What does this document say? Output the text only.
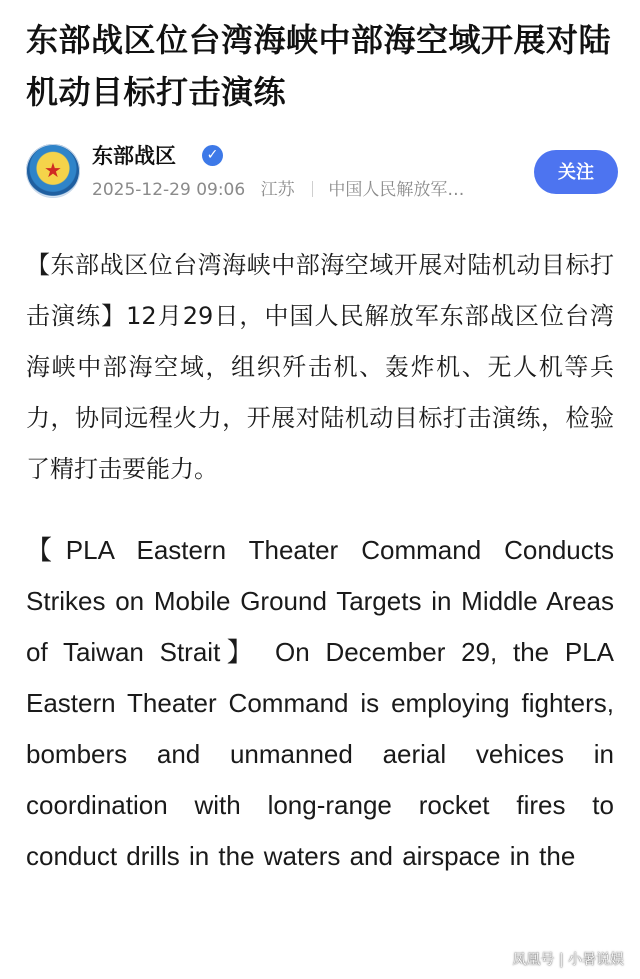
东部战区位台湾海峡中部海空域开展对陆机动目标打击演练
★
东部战区	✓
2025-12-29 09:06 江苏 中国人民解放军…
关注

【东部战区位台湾海峡中部海空域开展对陆机动目标打击演练】12月29日，中国人民解放军东部战区位台湾海峡中部海空域，组织歼击机、轰炸机、无人机等兵力，协同远程火力，开展对陆机动目标打击演练，检验了精打击要能力。

【PLA Eastern Theater Command Conducts Strikes on Mobile Ground Targets in Middle Areas of Taiwan Strait】 On December 29, the PLA Eastern Theater Command is employing fighters, bombers and unmanned aerial vehices in coordination with long-range rocket fires to conduct drills in the waters and airspace in the

凤凰号 | 小暑说娱
